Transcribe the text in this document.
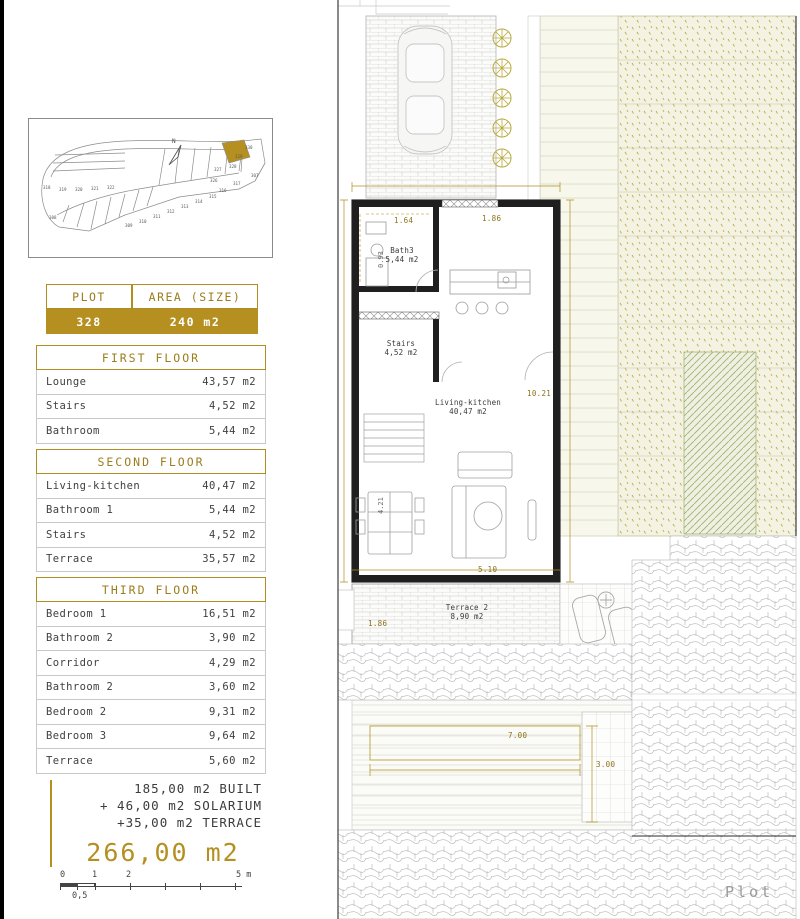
330
329
328
327
326
309
310
311
312
313
314
315
316
317
318 319 320 321 322
308
307
N
PLOT	AREA (SIZE)
328	240 m2
FIRST FLOOR
Lounge	43,57 m2
Stairs	4,52 m2
Bathroom	5,44 m2
SECOND FLOOR
Living-kitchen	40,47 m2
Bathroom 1	5,44 m2
Stairs	4,52 m2
Terrace	35,57 m2
THIRD FLOOR
Bedroom 1	16,51 m2
Bathroom 2	3,90 m2
Corridor	4,29 m2
Bathroom 2	3,60 m2
Bedroom 2	9,31 m2
Bedroom 3	9,64 m2
Terrace	5,60 m2
185,00 m2 BUILT
+ 46,00 m2 SOLARIUM
+35,00 m2 TERRACE
266,00 m2
0	1	2	5 m
0,5	Plot
Bath3
5,44 m2
Stairs
4,52 m2
Living-kitchen
40,47 m2
Terrace 2
8,90 m2
1.64	1.86
10.21
5.10
1.86
7.00
3.00
0.93
4.21
